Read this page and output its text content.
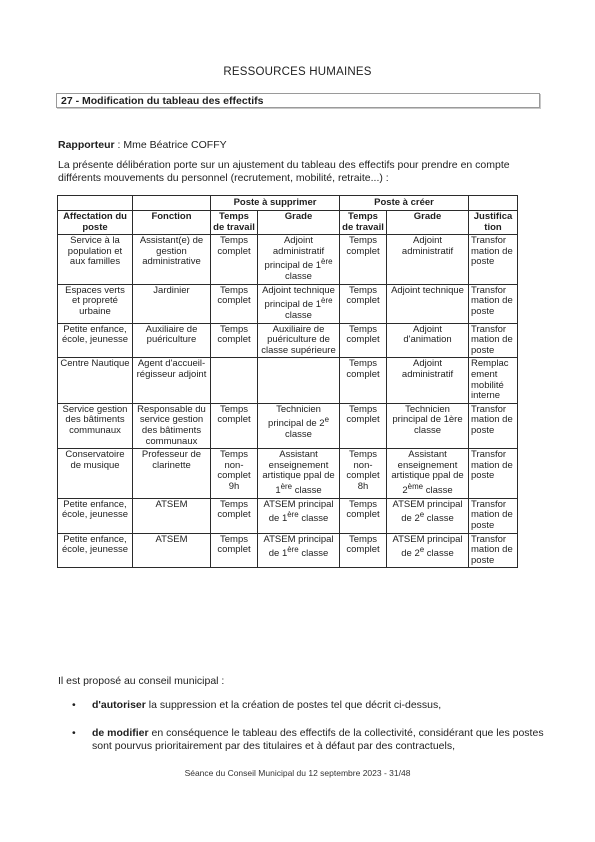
RESSOURCES HUMAINES
27 - Modification du tableau des effectifs
Rapporteur : Mme Béatrice COFFY
La présente délibération porte sur un ajustement du tableau des effectifs pour prendre en compte différents mouvements du personnel (recrutement, mobilité, retraite...) :
		Poste à supprimer		Poste à créer		
Affectation du poste	Fonction	Temps de travail	Grade	Temps de travail	Grade	Justifica tion
Service à la population et aux familles	Assistant(e) de gestion administrative	Temps complet	Adjoint administratif principal de 1ère classe	Temps complet	Adjoint administratif	Transfor mation de poste
Espaces verts et propreté urbaine	Jardinier	Temps complet	Adjoint technique principal de 1ère classe	Temps complet	Adjoint technique	Transfor mation de poste
Petite enfance, école, jeunesse	Auxiliaire de puériculture	Temps complet	Auxiliaire de puériculture de classe supérieure	Temps complet	Adjoint d'animation	Transfor mation de poste
Centre Nautique	Agent d'accueil-régisseur adjoint			Temps complet	Adjoint administratif	Remplac ement mobilité interne
Service gestion des bâtiments communaux	Responsable du service gestion des bâtiments communaux	Temps complet	Technicien principal de 2e classe	Temps complet	Technicien principal de 1ère classe	Transfor mation de poste
Conservatoire de musique	Professeur de clarinette	Temps non-complet 9h	Assistant enseignement artistique ppal de 1ère classe	Temps non-complet 8h	Assistant enseignement artistique ppal de 2ème classe	Transfor mation de poste
Petite enfance, école, jeunesse	ATSEM	Temps complet	ATSEM principal de 1ère classe	Temps complet	ATSEM principal de 2e classe	Transfor mation de poste
Petite enfance, école, jeunesse	ATSEM	Temps complet	ATSEM principal de 1ère classe	Temps complet	ATSEM principal de 2e classe	Transfor mation de poste
Il est proposé au conseil municipal :
• d'autoriser la suppression et la création de postes tel que décrit ci-dessus,
• de modifier en conséquence le tableau des effectifs de la collectivité, considérant que les postes sont pourvus prioritairement par des titulaires et à défaut par des contractuels,
Séance du Conseil Municipal du 12 septembre 2023 - 31/48
